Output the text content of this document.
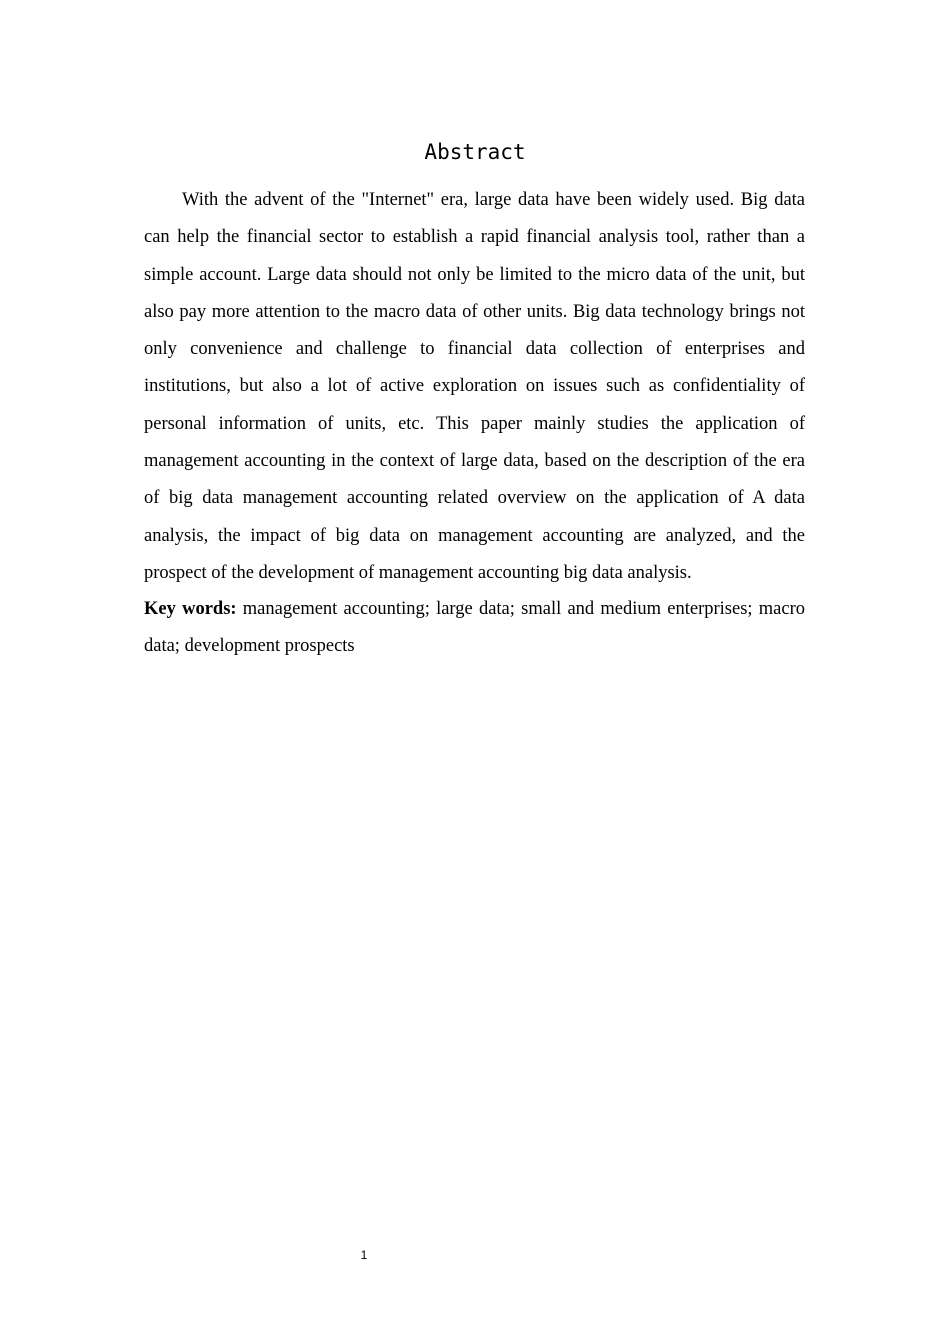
Abstract

With the advent of the "Internet" era, large data have been widely used. Big data can help the financial sector to establish a rapid financial analysis tool, rather than a simple account. Large data should not only be limited to the micro data of the unit, but also pay more attention to the macro data of other units. Big data technology brings not only convenience and challenge to financial data collection of enterprises and institutions, but also a lot of active exploration on issues such as confidentiality of personal information of units, etc. This paper mainly studies the application of management accounting in the context of large data, based on the description of the era of big data management accounting related overview on the application of A data analysis, the impact of big data on management accounting are analyzed, and the prospect of the development of management accounting big data analysis.

Key words: management accounting; large data; small and medium enterprises; macro data; development prospects

1
